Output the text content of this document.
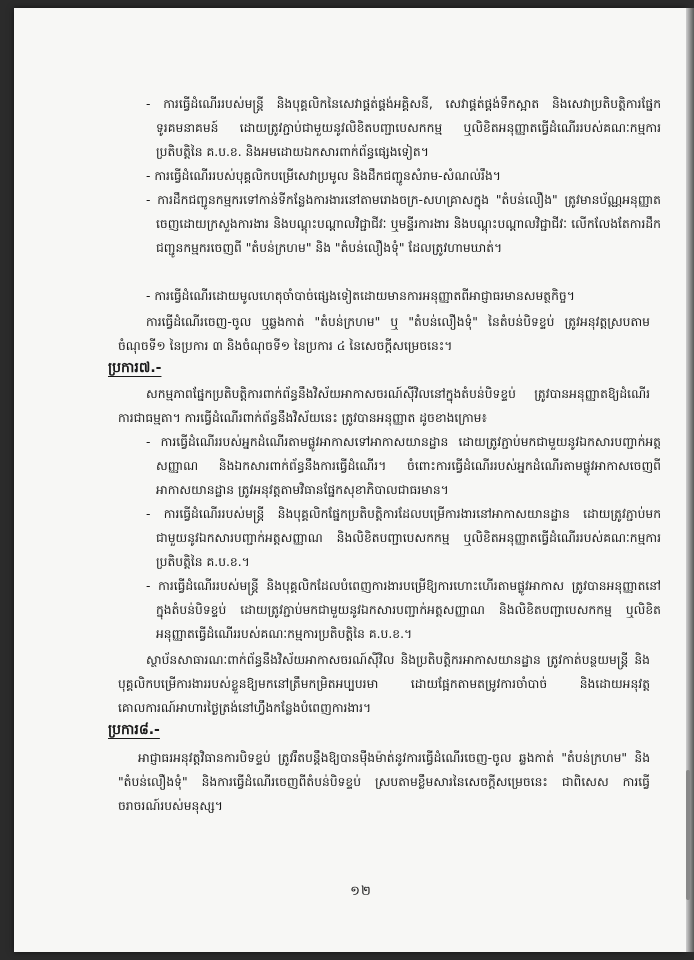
- ការធ្វើដំណើររបស់មន្ត្រី និងបុគ្គលិកនៃសេវាផ្គត់ផ្គង់អគ្គិសនី, សេវាផ្គត់ផ្គង់ទឹកស្អាត និងសេវាប្រតិបត្តិការផ្នែកទូរគមនាគមន៍ ដោយត្រូវភ្ជាប់ជាមួយនូវលិខិតបញ្ជាបេសកកម្ម ឬលិខិតអនុញ្ញាតធ្វើដំណើររបស់គណៈកម្មការប្រតិបត្តិនៃ គ.ប.ខ. និងអមដោយឯកសារពាក់ព័ន្ធផ្សេងទៀត។
- ការធ្វើដំណើររបស់បុគ្គលិកបម្រើសេវាប្រមូល និងដឹកជញ្ជូនសំរាម-សំណល់រឹង។
- ការដឹកជញ្ជូនកម្មករទៅកាន់ទីកន្លែងការងារនៅតាមរោងចក្រ-សហគ្រាសក្នុង "តំបន់លឿង" ត្រូវមានប័ណ្ណអនុញ្ញាតចេញដោយក្រសួងការងារ និងបណ្តុះបណ្តាលវិជ្ជាជីវៈ ឬមន្ទីរការងារ និងបណ្តុះបណ្តាលវិជ្ជាជីវៈ លើកលែងតែការដឹកជញ្ជូនកម្មករចេញពី "តំបន់ក្រហម" និង "តំបន់លឿងទុំ" ដែលត្រូវហាមឃាត់។
- ការធ្វើដំណើរដោយមូលហេតុចាំបាច់ផ្សេងទៀតដោយមានការអនុញ្ញាតពីអាជ្ញាធរមានសមត្ថកិច្ច។
ការធ្វើដំណើរចេញ-ចូល ឬឆ្លងកាត់ "តំបន់ក្រហម" ឬ "តំបន់លឿងទុំ" នៃតំបន់បិទខ្ទប់ ត្រូវអនុវត្តស្របតាមចំណុចទី១ នៃប្រការ ៣ និងចំណុចទី១ នៃប្រការ ៤ នៃសេចក្តីសម្រេចនេះ។
ប្រការ៧.-
សកម្មភាពផ្នែកប្រតិបត្តិការពាក់ព័ន្ធនឹងវិស័យអាកាសចរណ៍ស៊ីវិលនៅក្នុងតំបន់បិទខ្ទប់ ត្រូវបានអនុញ្ញាតឱ្យដំណើរការជាធម្មតា។ ការធ្វើដំណើរពាក់ព័ន្ធនឹងវិស័យនេះ ត្រូវបានអនុញ្ញាត ដូចខាងក្រោម៖
- ការធ្វើដំណើររបស់អ្នកដំណើរតាមផ្លូវអាកាសទៅអាកាសយានដ្ឋាន ដោយត្រូវភ្ជាប់មកជាមួយនូវឯកសារបញ្ជាក់អត្តសញ្ញាណ និងឯកសារពាក់ព័ន្ធនឹងការធ្វើដំណើរ។ ចំពោះការធ្វើដំណើររបស់អ្នកដំណើរតាមផ្លូវអាកាសចេញពីអាកាសយានដ្ឋាន ត្រូវអនុវត្តតាមវិធានផ្នែកសុខាភិបាលជាធរមាន។
- ការធ្វើដំណើររបស់មន្ត្រី និងបុគ្គលិកផ្នែកប្រតិបត្តិការដែលបម្រើការងារនៅអាកាសយានដ្ឋាន ដោយត្រូវភ្ជាប់មកជាមួយនូវឯកសារបញ្ជាក់អត្តសញ្ញាណ និងលិខិតបញ្ជាបេសកកម្ម ឬលិខិតអនុញ្ញាតធ្វើដំណើររបស់គណៈកម្មការប្រតិបត្តិនៃ គ.ប.ខ.។
- ការធ្វើដំណើររបស់មន្ត្រី និងបុគ្គលិកដែលបំពេញការងារបម្រើឱ្យការហោះហើរតាមផ្លូវអាកាស ត្រូវបានអនុញ្ញាតនៅក្នុងតំបន់បិទខ្ទប់ ដោយត្រូវភ្ជាប់មកជាមួយនូវឯកសារបញ្ជាក់អត្តសញ្ញាណ និងលិខិតបញ្ជាបេសកកម្ម ឬលិខិតអនុញ្ញាតធ្វើដំណើររបស់គណៈកម្មការប្រតិបត្តិនៃ គ.ប.ខ.។
ស្ថាប័នសាធារណៈពាក់ព័ន្ធនឹងវិស័យអាកាសចរណ៍ស៊ីវិល និងប្រតិបត្តិករអាកាសយានដ្ឋាន ត្រូវកាត់បន្ថយមន្ត្រី និងបុគ្គលិកបម្រើការងាររបស់ខ្លួនឱ្យមកនៅត្រឹមកម្រិតអប្បបរមា ដោយផ្អែកតាមតម្រូវការចាំបាច់ និងដោយអនុវត្តគោលការណ៍អាហារថ្ងៃត្រង់នៅហ្វឹងកន្លែងបំពេញការងារ។
ប្រការ៨.-
អាជ្ញាធរអនុវត្តវិធានការបិទខ្ទប់ ត្រូវរឹតបន្តឹងឱ្យបានម៉ឺងម៉ាត់នូវការធ្វើដំណើរចេញ-ចូល ឆ្លងកាត់ "តំបន់ក្រហម" និង "តំបន់លឿងទុំ" និងការធ្វើដំណើរចេញពីតំបន់បិទខ្ទប់ ស្របតាមខ្លឹមសារនៃសេចក្តីសម្រេចនេះ ជាពិសេស ការធ្វើចរាចរណ៍របស់មនុស្ស។
១២
